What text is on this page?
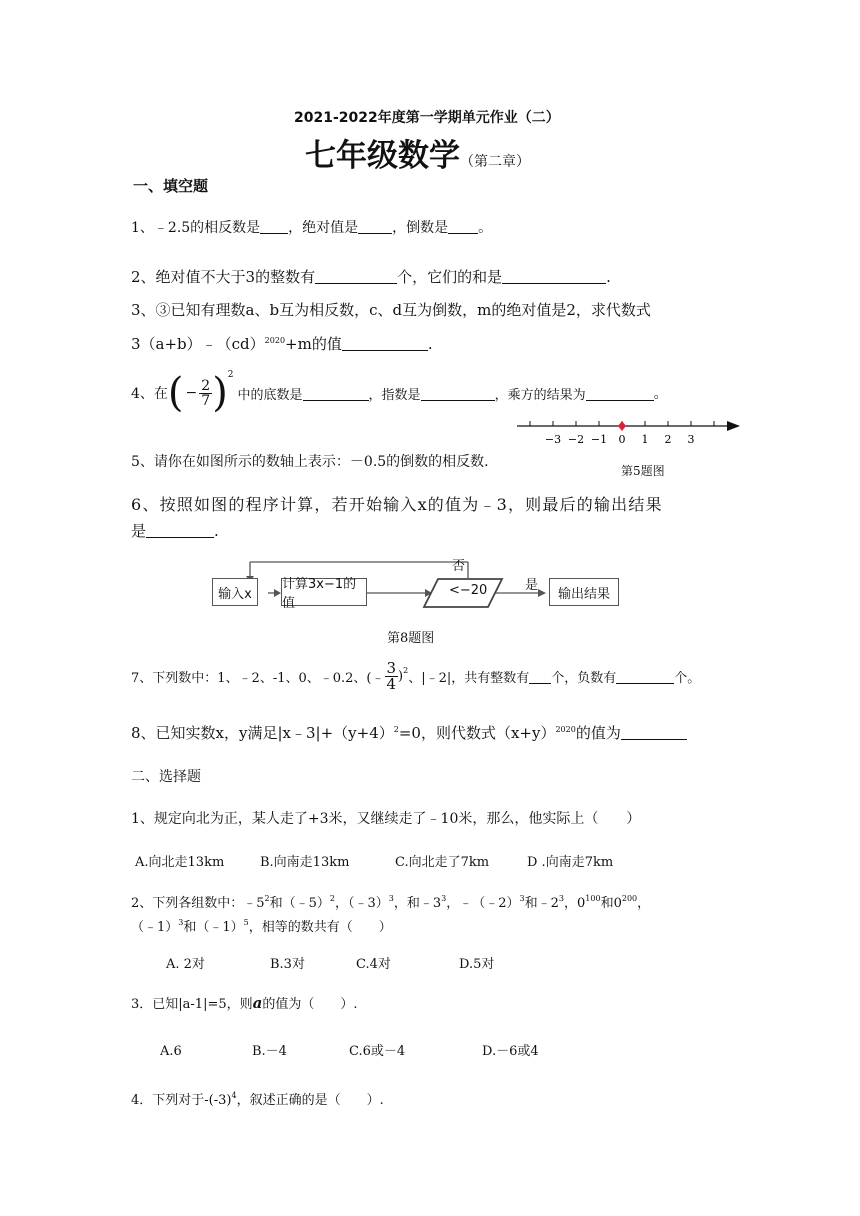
2021-2022年度第一学期单元作业（二）
七年级数学（第二章）
一、填空题
1、﹣2.5的相反数是 ，绝对值是 ，倒数是 。
2、绝对值不大于3的整数有	个，它们的和是	.
3、③已知有理数a、b互为相反数，c、d互为倒数，m的绝对值是2，求代数式
3（a+b）﹣（cd）$^{2020}$+m的值	.
4、在 ( − $\frac{2}{7}$ ) 2
中的底数是	，指数是	，乘方的结果为	。
−3 −2 −1 0 1 2 3
5、请你在如图所示的数轴上表示：－0.5的倒数的相反数.
第5题图
6、按照如图的程序计算，若开始输入x的值为﹣3，则最后的输出结果
是	.
输入x
计算3x−1的值
<−20
否
是
输出结果
第8题图
7、下列数中：1、﹣2、-1、0、﹣0.2、(﹣ $\frac{3}{4}$ ) 2 、|﹣2|，共有整数有 个，负数有	个。
8、已知实数x，y满足$|x﹣3|+(y+4)^2=0$，则代数式$(x+y)^{2020}$的值为
二、选择题
1、规定向北为正，某人走了+3米，又继续走了﹣10米，那么，他实际上（　　）
A.向北走13km	B.向南走13km	C.向北走了7km	D .向南走7km
2、下列各组数中：$﹣5^2$和（﹣5）$^2$，（﹣3）$^3$，和$﹣3^3$，﹣（﹣2）$^3$和$﹣2^3$，$0^{100}$和$0^{200}$，
（﹣1）$^3$和（﹣1）$^5$，相等的数共有（　　）
A. 2对	B.3对	C.4对	D.5对
3．已知|a-1|=5，则a的值为（　　）.
A.6	B.－4	C.6或－4	D.－6或4
4．下列对于$-(-3)^4$，叙述正确的是（　　）.
